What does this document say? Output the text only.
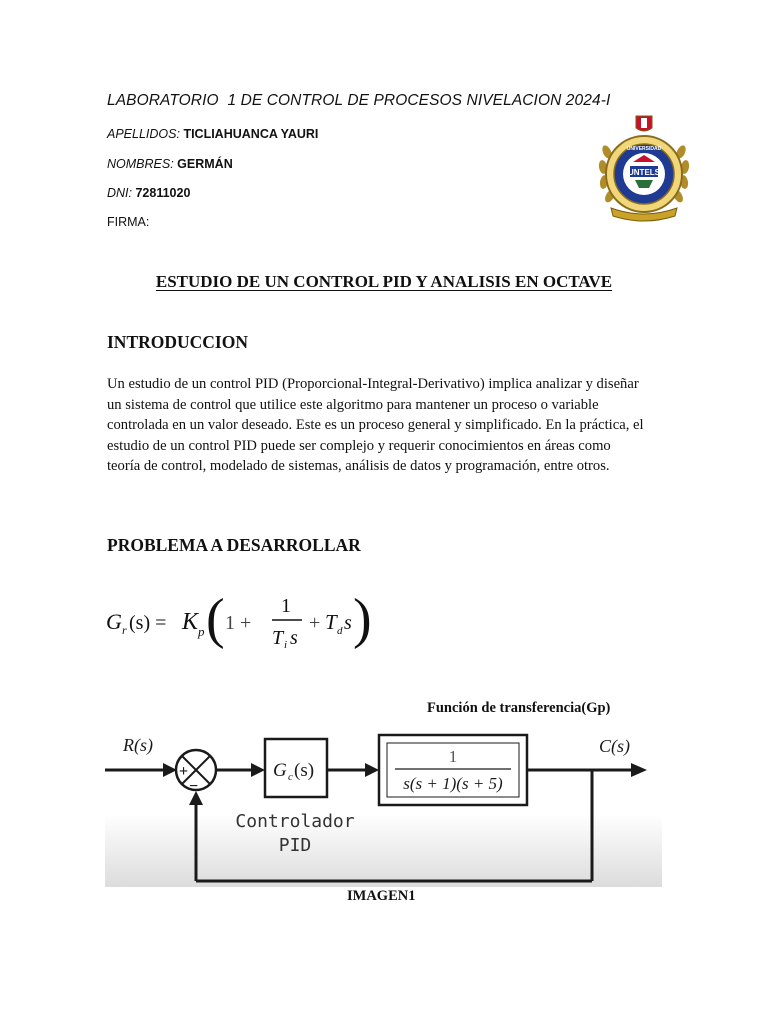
LABORATORIO  1 DE CONTROL DE PROCESOS NIVELACION 2024-I
APELLIDOS: TICLIAHUANCA YAURI
NOMBRES: GERMÁN
DNI: 72811020
FIRMA:
UNTELS
UNIVERSIDAD
ESTUDIO DE UN CONTROL PID Y ANALISIS EN OCTAVE
INTRODUCCION

Un estudio de un control PID (Proporcional-Integral-Derivativo) implica analizar y diseñar
un sistema de control que utilice este algoritmo para mantener un proceso o variable
controlada en un valor deseado. Este es un proceso general y simplificado. En la práctica, el
estudio de un control PID puede ser complejo y requerir conocimientos en áreas como
teoría de control, modelado de sistemas, análisis de datos y programación, entre otros.

PROBLEMA A DESARROLLAR
G r (s) = K p ( 1 +
1
T i s
+ T d s )
Función de transferencia(Gp)
R(s)
+
−
G c (s)
Controlador
PID
1
s(s + 1)(s + 5)
C(s)
IMAGEN1
